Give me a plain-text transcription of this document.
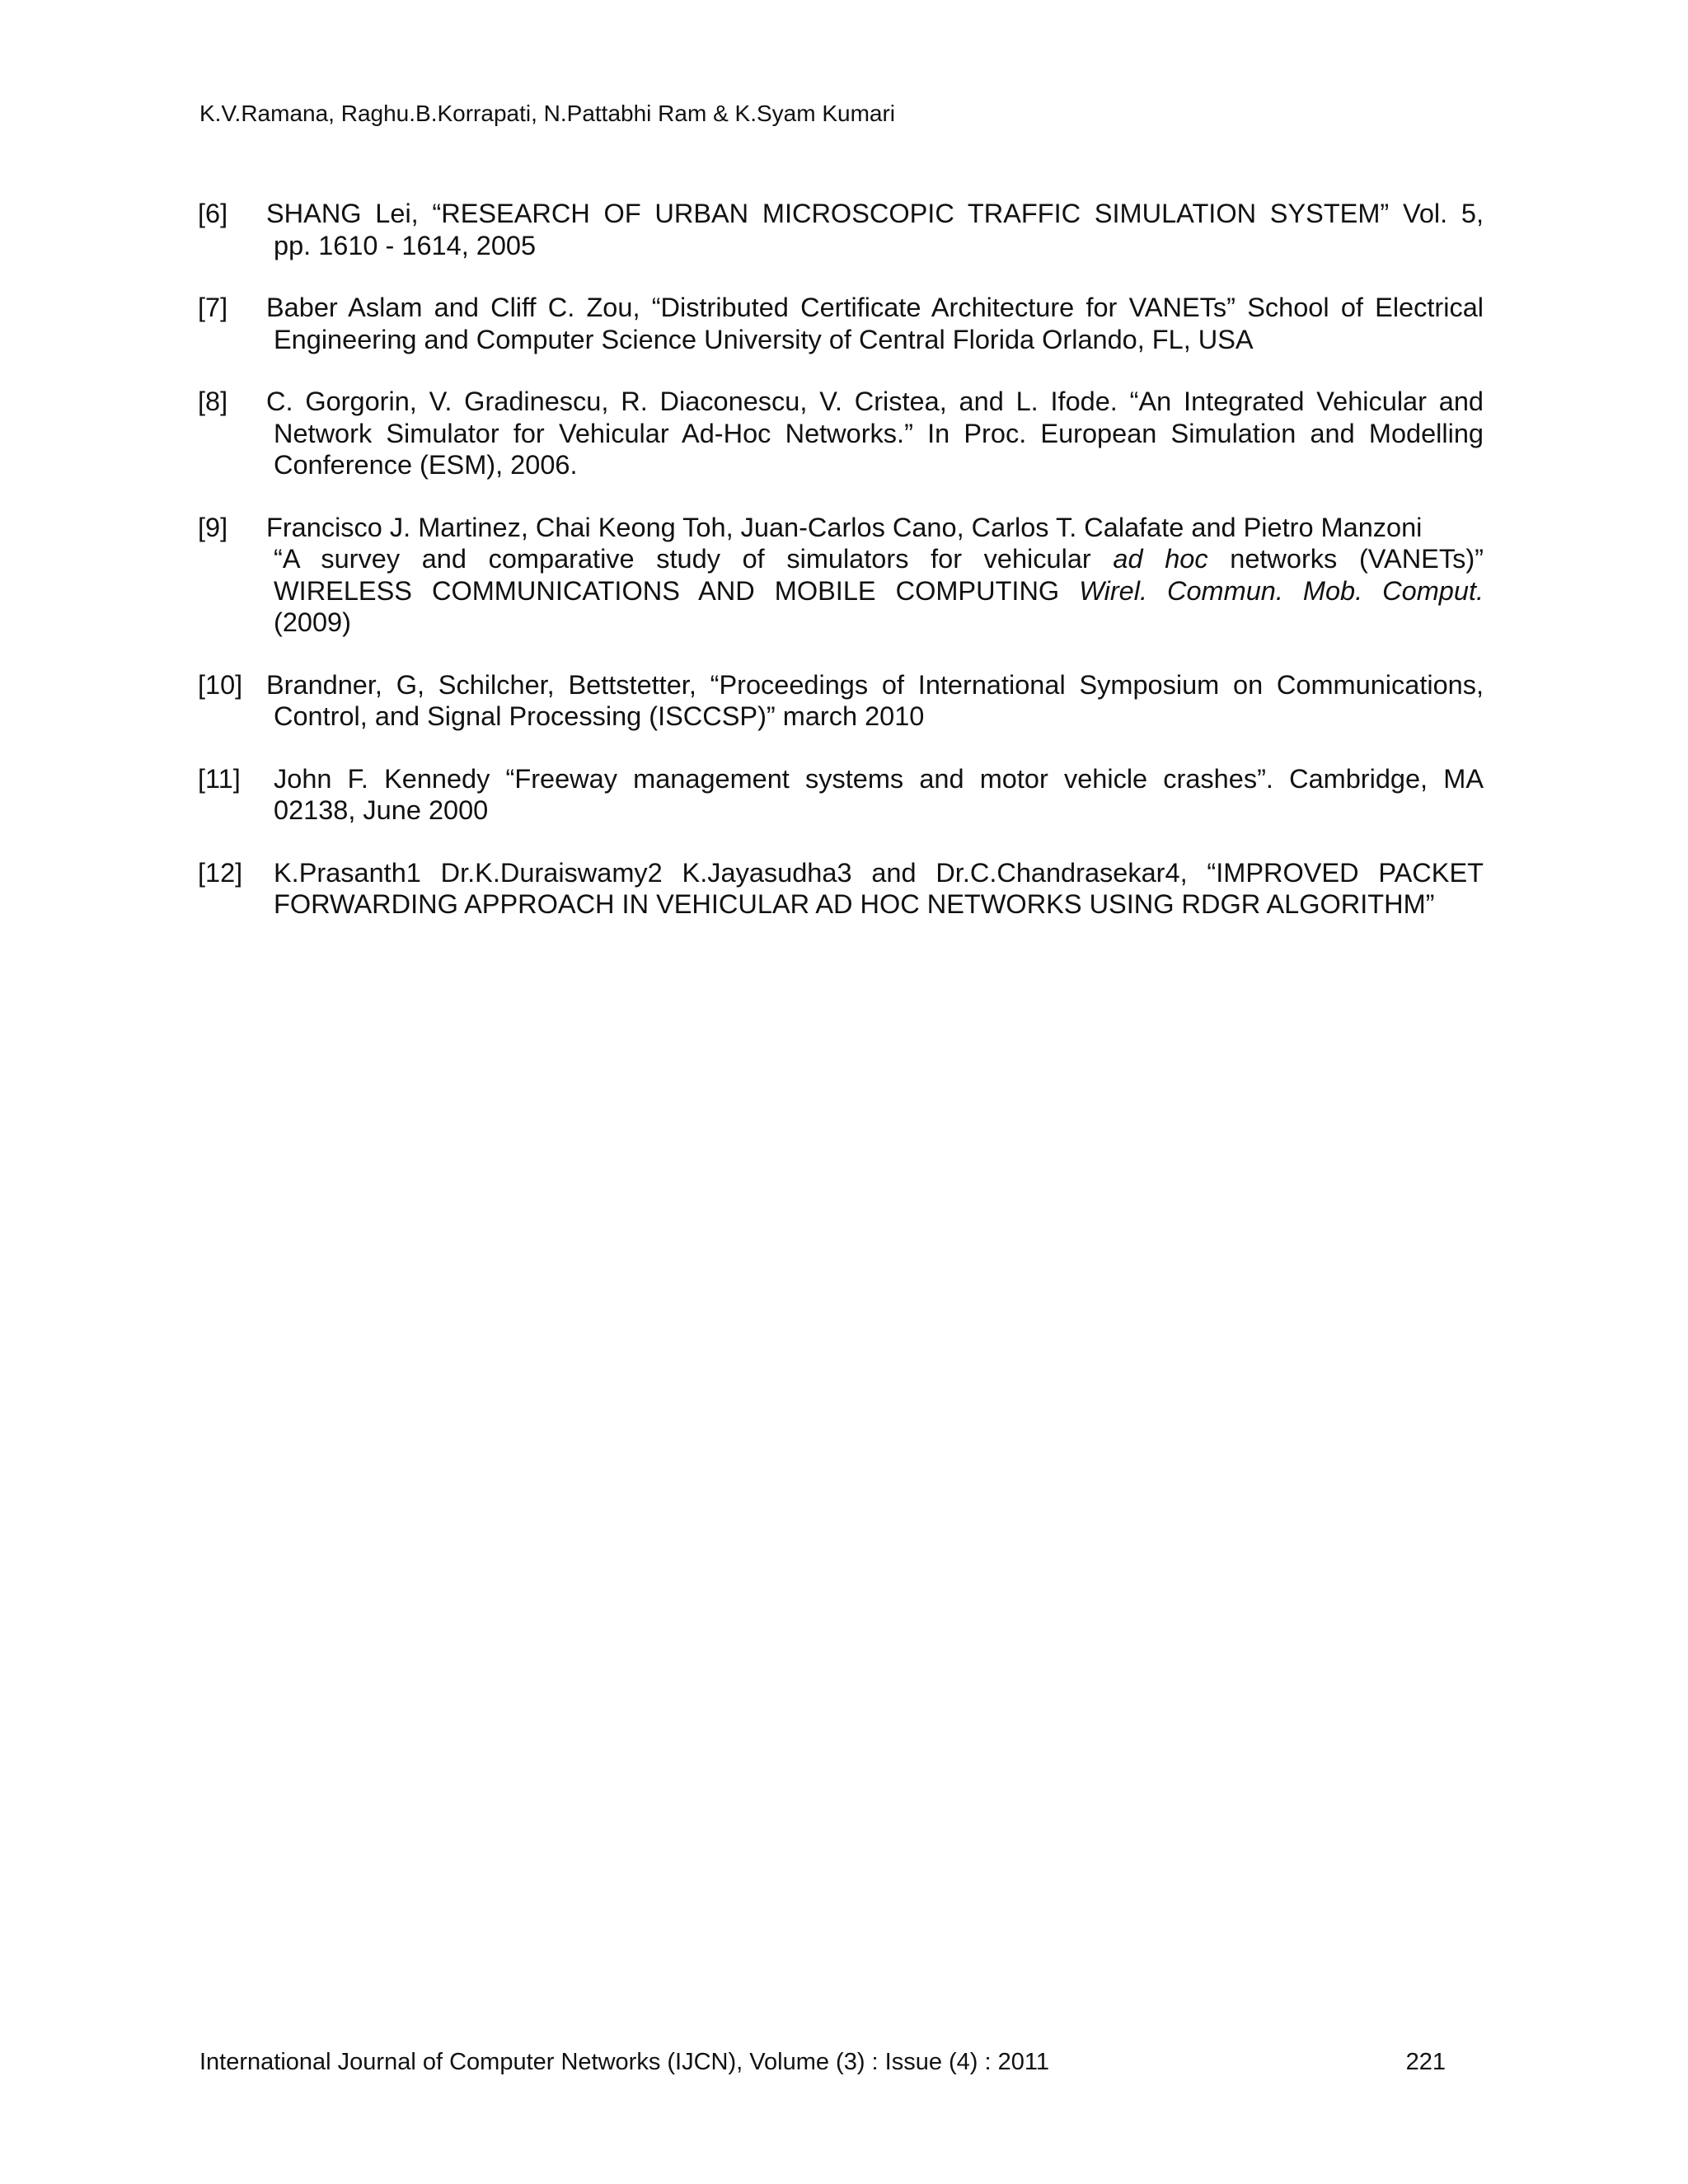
K.V.Ramana, Raghu.B.Korrapati, N.Pattabhi Ram & K.Syam Kumari
[6] SHANG Lei, “RESEARCH OF URBAN MICROSCOPIC TRAFFIC SIMULATION SYSTEM” Vol. 5,
pp. 1610 - 1614, 2005
[7] Baber Aslam and Cliff C. Zou, “Distributed Certificate Architecture for VANETs” School of Electrical
Engineering and Computer Science University of Central Florida Orlando, FL, USA
[8] C. Gorgorin, V. Gradinescu, R. Diaconescu, V. Cristea, and L. Ifode. “An Integrated Vehicular and
Network Simulator for Vehicular Ad-Hoc Networks.” In Proc. European Simulation and Modelling
Conference (ESM), 2006.
[9] Francisco J. Martinez, Chai Keong Toh, Juan-Carlos Cano, Carlos T. Calafate and Pietro Manzoni
“A survey and comparative study of simulators for vehicular ad hoc networks (VANETs)”
WIRELESS COMMUNICATIONS AND MOBILE COMPUTING Wirel. Commun. Mob. Comput.
(2009)
[10] Brandner, G, Schilcher, Bettstetter, “Proceedings of International Symposium on Communications,
Control, and Signal Processing (ISCCSP)” march 2010
[11] John F. Kennedy “Freeway management systems and motor vehicle crashes”. Cambridge, MA
02138, June 2000
[12] K.Prasanth1 Dr.K.Duraiswamy2 K.Jayasudha3 and Dr.C.Chandrasekar4, “IMPROVED PACKET
FORWARDING APPROACH IN VEHICULAR AD HOC NETWORKS USING RDGR ALGORITHM”
International Journal of Computer Networks (IJCN), Volume (3) : Issue (4) : 2011	221
